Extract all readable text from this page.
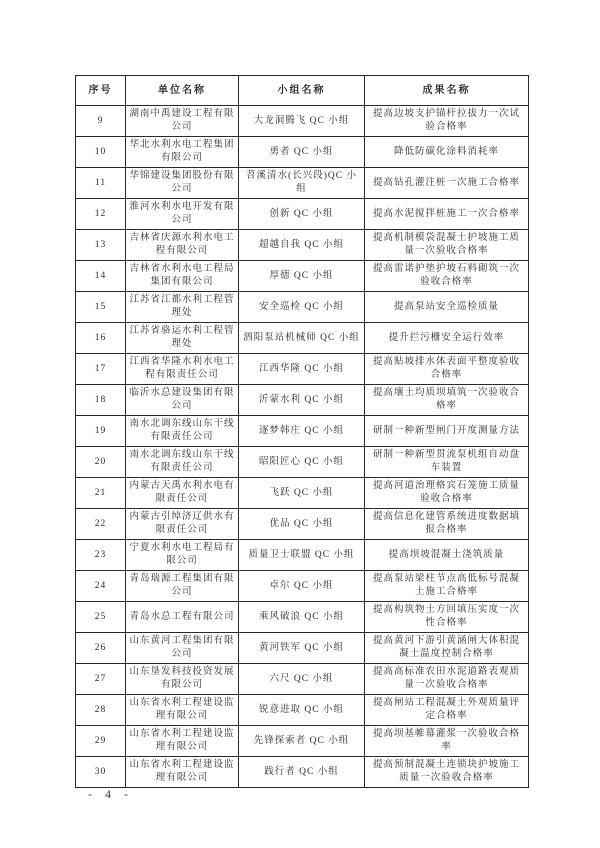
序号	单位名称	小组名称	成果名称
9	湖南中禹建设工程有限公司	大龙洞腾飞 QC 小组	提高边坡支护锚杆拉拔力一次试验合格率
10	华北水利水电工程集团有限公司	勇者 QC 小组	降低防碳化涂料消耗率
11	华锦建设集团股份有限公司	苕溪清水(长兴段)QC 小组	提高钻孔灌注桩一次施工合格率
12	淮河水利水电开发有限公司	创新 QC 小组	提高水泥搅拌桩施工一次合格率
13	吉林省庆源水利水电工程有限公司	超越自我 QC 小组	提高机制模袋混凝土护坡施工质量一次验收合格率
14	吉林省水利水电工程局集团有限公司	厚德 QC 小组	提高雷诺护垫护坡石料砌筑一次验收合格率
15	江苏省江都水利工程管理处	安全巡检 QC 小组	提高泵站安全巡检质量
16	江苏省骆运水利工程管理处	泗阳泵站机械师 QC 小组	提升拦污栅安全运行效率
17	江西省华隆水利水电工程有限责任公司	江西华隆 QC 小组	提高贴坡排水体表面平整度验收合格率
18	临沂水总建设集团有限公司	沂蒙水利 QC 小组	提高壤土均质坝填筑一次验收合格率
19	南水北调东线山东干线有限责任公司	逐梦韩庄 QC 小组	研制一种新型闸门开度测量方法
20	南水北调东线山东干线有限责任公司	昭阳匠心 QC 小组	研制一种新型贯流泵机组自动盘车装置
21	内蒙古天禹水利水电有限责任公司	飞跃 QC 小组	提高河道治理格宾石笼施工质量验收合格率
22	内蒙古引绰济辽供水有限责任公司	优品 QC 小组	提高信息化建管系统进度数据填报合格率
23	宁夏水利水电工程局有限公司	质量卫士联盟 QC 小组	提高坝坡混凝土浇筑质量
24	青岛瑞源工程集团有限公司	卓尔 QC 小组	提高泵站梁柱节点高低标号混凝土施工合格率
25	青岛水总工程有限公司	乘风破浪 QC 小组	提高构筑物土方回填压实度一次性合格率
26	山东黄河工程集团有限公司	黄河铁军 QC 小组	提高黄河下游引黄涵闸大体积混凝土温度控制合格率
27	山东垦发科技投资发展有限公司	六尺 QC 小组	提高高标准农田水泥道路表观质量一次验收合格率
28	山东省水利工程建设监理有限公司	锐意进取 QC 小组	提高闸站工程混凝土外观质量评定合格率
29	山东省水利工程建设监理有限公司	先锋探索者 QC 小组	提高坝基帷幕灌浆一次验收合格率
30	山东省水利工程建设监理有限公司	践行者 QC 小组	提高预制混凝土连锁块护坡施工质量一次验收合格率
- 4 -
